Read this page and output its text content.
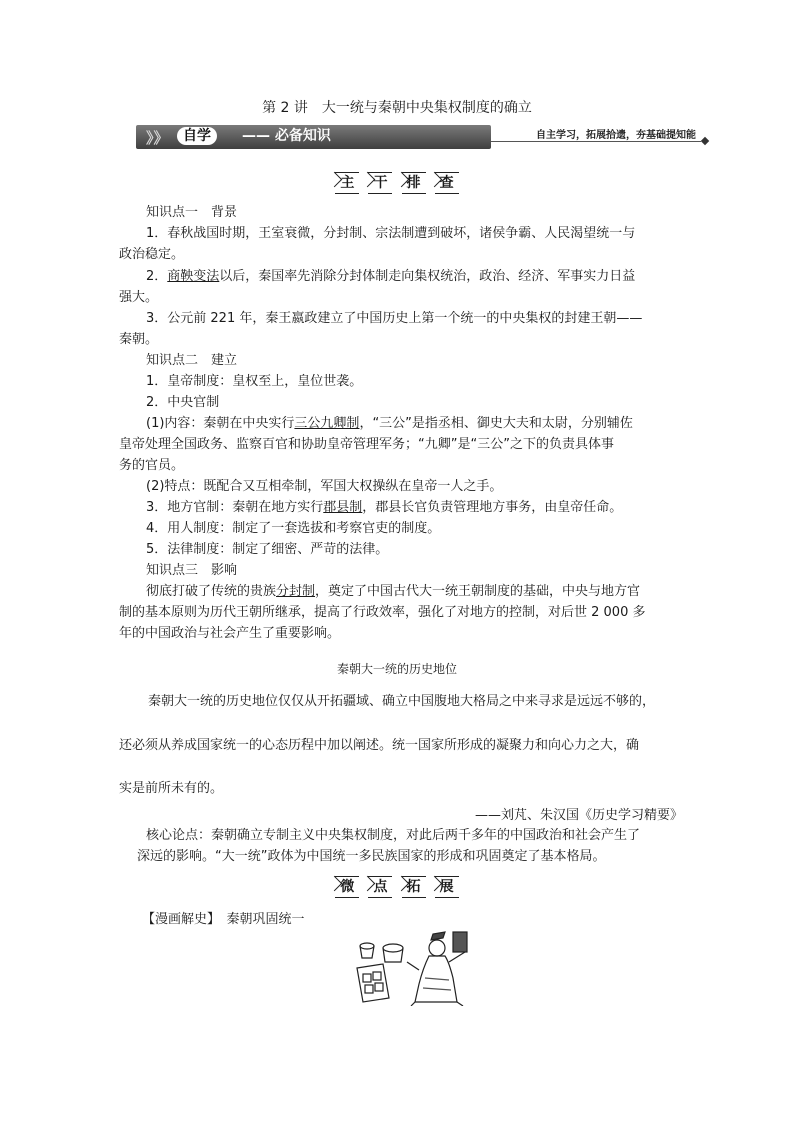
第 2 讲　大一统与秦朝中央集权制度的确立
》》	自学	—— 必备知识	自主学习，拓展拾遗，夯基础提知能
主 干 排 查
知识点一　背景
1．春秋战国时期，王室衰微，分封制、宗法制遭到破坏，诸侯争霸、人民渴望统一与
政治稳定。
2．商鞅变法以后，秦国率先消除分封体制走向集权统治，政治、经济、军事实力日益
强大。
3．公元前 221 年，秦王嬴政建立了中国历史上第一个统一的中央集权的封建王朝——
秦朝。
知识点二　建立
1．皇帝制度：皇权至上，皇位世袭。
2．中央官制
(1)内容：秦朝在中央实行三公九卿制，“三公”是指丞相、御史大夫和太尉，分别辅佐
皇帝处理全国政务、监察百官和协助皇帝管理军务；“九卿”是“三公”之下的负责具体事
务的官员。
(2)特点：既配合又互相牵制，军国大权操纵在皇帝一人之手。
3．地方官制：秦朝在地方实行郡县制，郡县长官负责管理地方事务，由皇帝任命。
4．用人制度：制定了一套选拔和考察官吏的制度。
5．法律制度：制定了细密、严苛的法律。
知识点三　影响
彻底打破了传统的贵族分封制，奠定了中国古代大一统王朝制度的基础，中央与地方官
制的基本原则为历代王朝所继承，提高了行政效率，强化了对地方的控制，对后世 2 000 多
年的中国政治与社会产生了重要影响。
秦朝大一统的历史地位
秦朝大一统的历史地位仅仅从开拓疆域、确立中国腹地大格局之中来寻求是远远不够的，
还必须从养成国家统一的心态历程中加以阐述。统一国家所形成的凝聚力和向心力之大，确
实是前所未有的。
——刘芃、朱汉国《历史学习精要》
核心论点：秦朝确立专制主义中央集权制度，对此后两千多年的中国政治和社会产生了
深远的影响。“大一统”政体为中国统一多民族国家的形成和巩固奠定了基本格局。
微 点 拓 展
【漫画解史】　秦朝巩固统一
